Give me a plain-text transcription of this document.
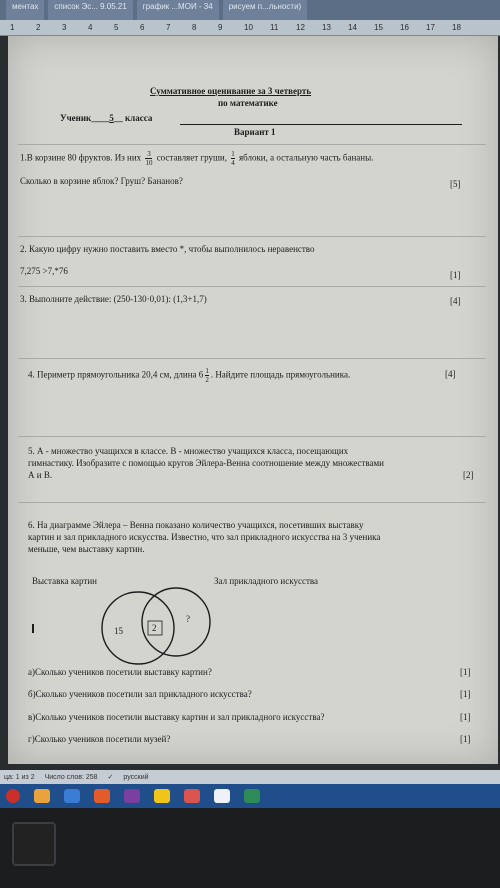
ментах	список Эс... 9.05.21	график ...МОИ - 34	рисуем п...льности)
1	2	3	4	5	6	7	8	9	10	11	12	13	14	15	16	17	18
Суммативное оценивание за 3 четверть
по математике
Ученик____5__ класса
Вариант 1
1.В корзине 80 фруктов. Из них $\frac{3}{10}$ составляет груши, $\frac{1}{4}$ яблоки, а остальную часть бананы.
Сколько в корзине яблок? Груш? Бананов?	[5]
2. Какую цифру нужно поставить вместо *, чтобы выполнилось неравенство
7,275 >7,*76	[1]
3. Выполните действие: (250-130·0,01): (1,3+1,7)	[4]
4. Периметр прямоугольника 20,4 см, длина $6 \frac{1}{2}$ . Найдите площадь прямоугольника.	[4]
5. А - множество учащихся в классе. В - множество учащихся класса, посещающих
гимнастику. Изобразите с помощью кругов Эйлера-Венна соотношение между множествами
А и В.	[2]
6. На диаграмме Эйлера – Венна показано количество учащихся, посетивших выставку
картин и зал прикладного искусства. Известно, что зал прикладного искусства на 3 ученика
меньше, чем выставку картин.
Выставка картин	Зал прикладного искусства
15	2
?
а)Сколько учеников посетили выставку картин?	[1]
б)Сколько учеников посетили зал прикладного искусства?	[1]
в)Сколько учеников посетили выставку картин и зал прикладного искусства?	[1]
г)Сколько учеников посетили музей?	[1]
ца: 1 из 2 Число слов: 258 ✓ русский
